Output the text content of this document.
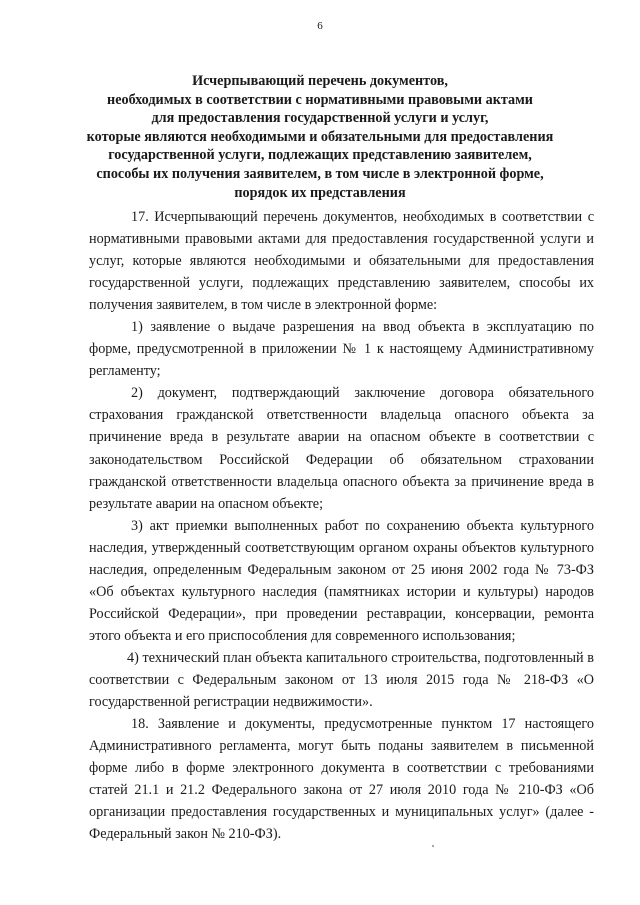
6
Исчерпывающий перечень документов,
необходимых в соответствии с нормативными правовыми актами
для предоставления государственной услуги и услуг,
которые являются необходимыми и обязательными для предоставления
государственной услуги, подлежащих представлению заявителем,
способы их получения заявителем, в том числе в электронной форме,
порядок их представления

17. Исчерпывающий перечень документов, необходимых в соответствии с нормативными правовыми актами для предоставления государственной услуги и услуг, которые являются необходимыми и обязательными для предоставления государственной услуги, подлежащих представлению заявителем, способы их получения заявителем, в том числе в электронной форме:

1) заявление о выдаче разрешения на ввод объекта в эксплуатацию по форме, предусмотренной в приложении № 1 к настоящему Административному регламенту;

2) документ, подтверждающий заключение договора обязательного страхования гражданской ответственности владельца опасного объекта за причинение вреда в результате аварии на опасном объекте в соответствии с законодательством Российской Федерации об обязательном страховании гражданской ответственности владельца опасного объекта за причинение вреда в результате аварии на опасном объекте;

3) акт приемки выполненных работ по сохранению объекта культурного наследия, утвержденный соответствующим органом охраны объектов культурного наследия, определенным Федеральным законом от 25 июня 2002 года № 73-ФЗ «Об объектах культурного наследия (памятниках истории и культуры) народов Российской Федерации», при проведении реставрации, консервации, ремонта этого объекта и его приспособления для современного использования;

4) технический план объекта капитального строительства, подготовленный в соответствии с Федеральным законом от 13 июля 2015 года № 218-ФЗ «О государственной регистрации недвижимости».

18. Заявление и документы, предусмотренные пунктом 17 настоящего Административного регламента, могут быть поданы заявителем в письменной форме либо в форме электронного документа в соответствии с требованиями статей 21.1 и 21.2 Федерального закона от 27 июля 2010 года № 210-ФЗ «Об организации предоставления государственных и муниципальных услуг» (далее - Федеральный закон № 210-ФЗ).
